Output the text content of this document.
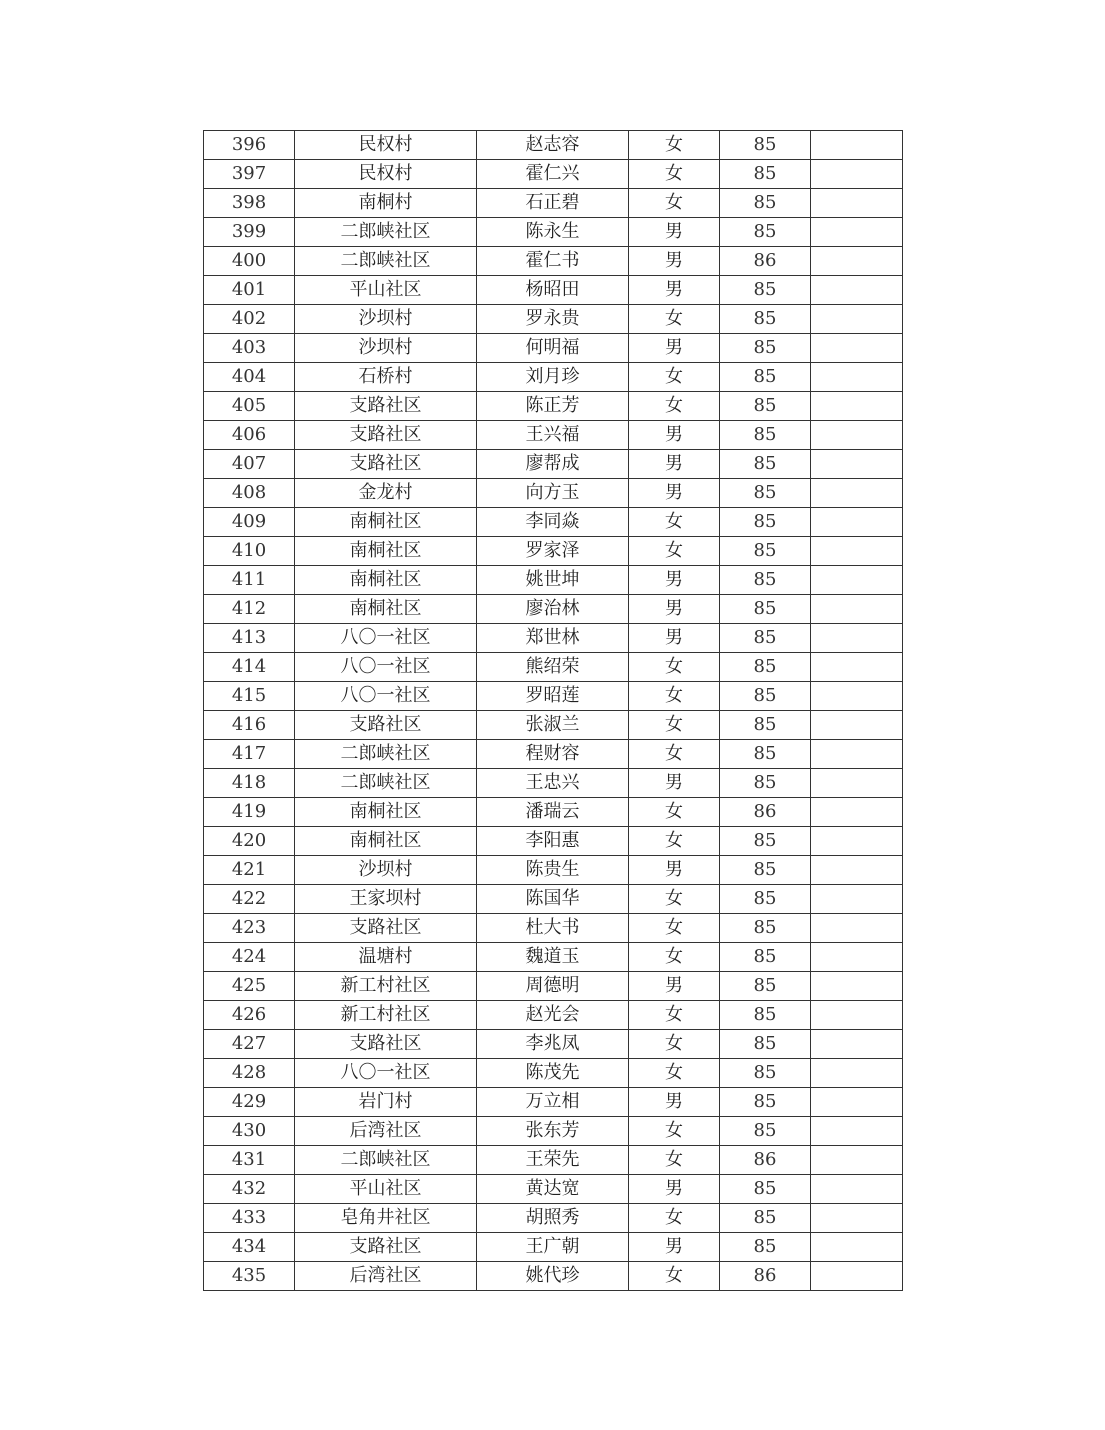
396	民权村	赵志容	女	85	
397	民权村	霍仁兴	女	85	
398	南桐村	石正碧	女	85	
399	二郎峡社区	陈永生	男	85	
400	二郎峡社区	霍仁书	男	86	
401	平山社区	杨昭田	男	85	
402	沙坝村	罗永贵	女	85	
403	沙坝村	何明福	男	85	
404	石桥村	刘月珍	女	85	
405	支路社区	陈正芳	女	85	
406	支路社区	王兴福	男	85	
407	支路社区	廖帮成	男	85	
408	金龙村	向方玉	男	85	
409	南桐社区	李同焱	女	85	
410	南桐社区	罗家泽	女	85	
411	南桐社区	姚世坤	男	85	
412	南桐社区	廖治林	男	85	
413	八〇一社区	郑世林	男	85	
414	八〇一社区	熊绍荣	女	85	
415	八〇一社区	罗昭莲	女	85	
416	支路社区	张淑兰	女	85	
417	二郎峡社区	程财容	女	85	
418	二郎峡社区	王忠兴	男	85	
419	南桐社区	潘瑞云	女	86	
420	南桐社区	李阳惠	女	85	
421	沙坝村	陈贵生	男	85	
422	王家坝村	陈国华	女	85	
423	支路社区	杜大书	女	85	
424	温塘村	魏道玉	女	85	
425	新工村社区	周德明	男	85	
426	新工村社区	赵光会	女	85	
427	支路社区	李兆凤	女	85	
428	八〇一社区	陈茂先	女	85	
429	岩门村	万立相	男	85	
430	后湾社区	张东芳	女	85	
431	二郎峡社区	王荣先	女	86	
432	平山社区	黄达宽	男	85	
433	皂角井社区	胡照秀	女	85	
434	支路社区	王广朝	男	85	
435	后湾社区	姚代珍	女	86	
